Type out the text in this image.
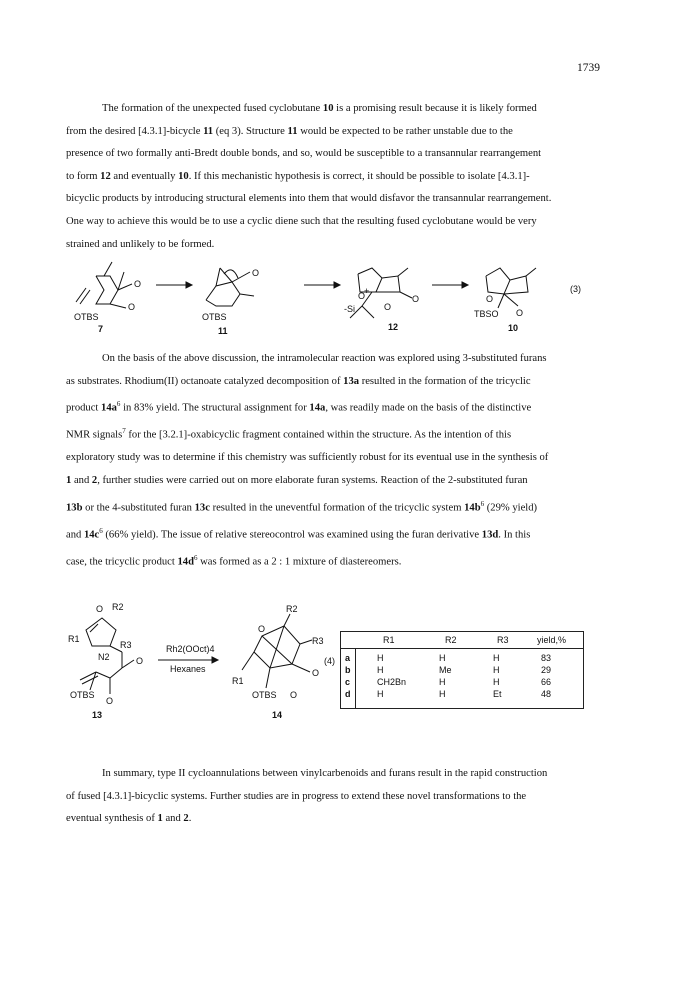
1739
The formation of the unexpected fused cyclobutane 10 is a promising result because it is likely formed
from the desired [4.3.1]-bicycle 11 (eq 3). Structure 11 would be expected to be rather unstable due to the
presence of two formally anti-Bredt double bonds, and so, would be susceptible to a transannular rearrangement
to form 12 and eventually 10. If this mechanistic hypothesis is correct, it should be possible to isolate [4.3.1]-
bicyclic products by introducing structural elements into them that would disfavor the transannular rearrangement.
One way to achieve this would be to use a cyclic diene such that the resulting fused cyclobutane would be very
strained and unlikely to be formed.
OTBS
O
O
7
OTBS
O
11
O
+
-Si	O
O
12
O
TBSO O
10
(3)
On the basis of the above discussion, the intramolecular reaction was explored using 3-substituted furans
as substrates. Rhodium(II) octanoate catalyzed decomposition of 13a resulted in the formation of the tricyclic
product $14a^6$ in 83% yield. The structural assignment for 14a, was readily made on the basis of the distinctive
NMR signals$^7$ for the [3.2.1]-oxabicyclic fragment contained within the structure. As the intention of this
exploratory study was to determine if this chemistry was sufficiently robust for its eventual use in the synthesis of
1 and 2, further studies were carried out on more elaborate furan systems. Reaction of the 2-substituted furan
13b or the 4-substituted furan 13c resulted in the uneventful formation of the tricyclic system $14b^6$ (29% yield)
and $14c^6$ (66% yield). The issue of relative stereocontrol was examined using the furan derivative 13d. In this
case, the tricyclic product $14d^6$ was formed as a 2 : 1 mixture of diastereomers.
O R2
R1
R3
N2	O
OTBS
O
13
Rh2(OOct)4
Hexanes
R2
O
R3
R1
O
OTBS O
14
(4)
R1	R2	R3	yield,%
a	H	H	H	83
b	H	Me	H	29
c	CH2Bn	H	H	66
d	H	H	Et	48
In summary, type II cycloannulations between vinylcarbenoids and furans result in the rapid construction
of fused [4.3.1]-bicyclic systems. Further studies are in progress to extend these novel transformations to the
eventual synthesis of 1 and 2.
